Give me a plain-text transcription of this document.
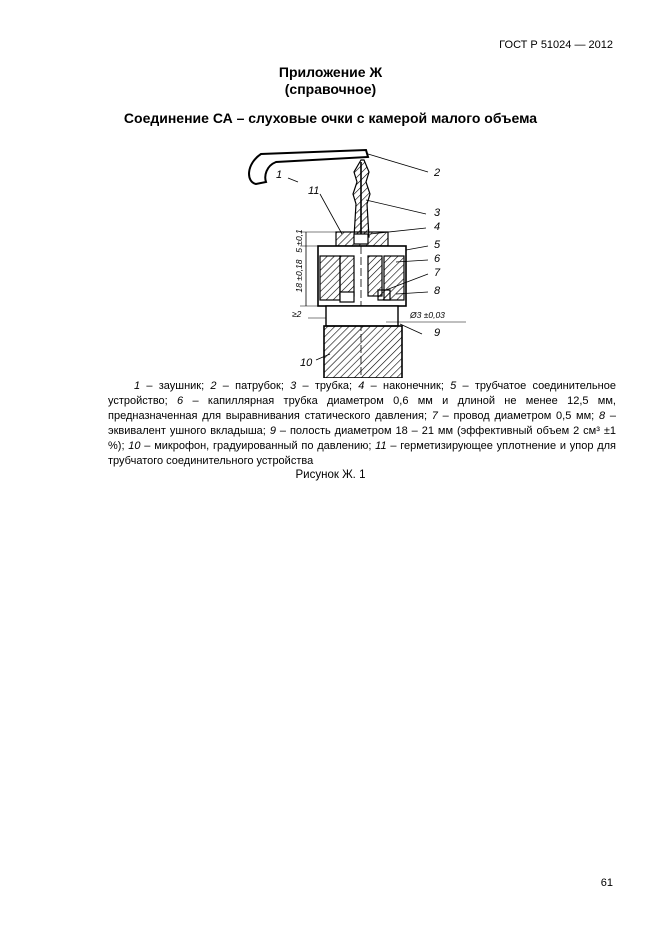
ГОСТ Р 51024 — 2012
Приложение Ж
(справочное)
Соединение СА – слуховые очки с камерой малого объема
1	2
3
4
5
6
7
8
9
10
11
5 ±0,1
18 ±0,18
≥2	Ø3 ±0,03
1 – заушник; 2 – патрубок; 3 – трубка; 4 – наконечник; 5 – трубчатое соединительное устройство; 6 – капиллярная трубка диаметром 0,6 мм и длиной не менее 12,5 мм, предназначенная для выравнивания статического давления; 7 – провод диаметром 0,5 мм; 8 – эквивалент ушного вкладыша; 9 – полость диаметром 18 – 21 мм (эффективный объем 2 см³ ±1 %); 10 – микрофон, градуированный по давлению; 11 – герметизирующее уплотнение и упор для трубчатого соединительного устройства
Рисунок Ж. 1
61
